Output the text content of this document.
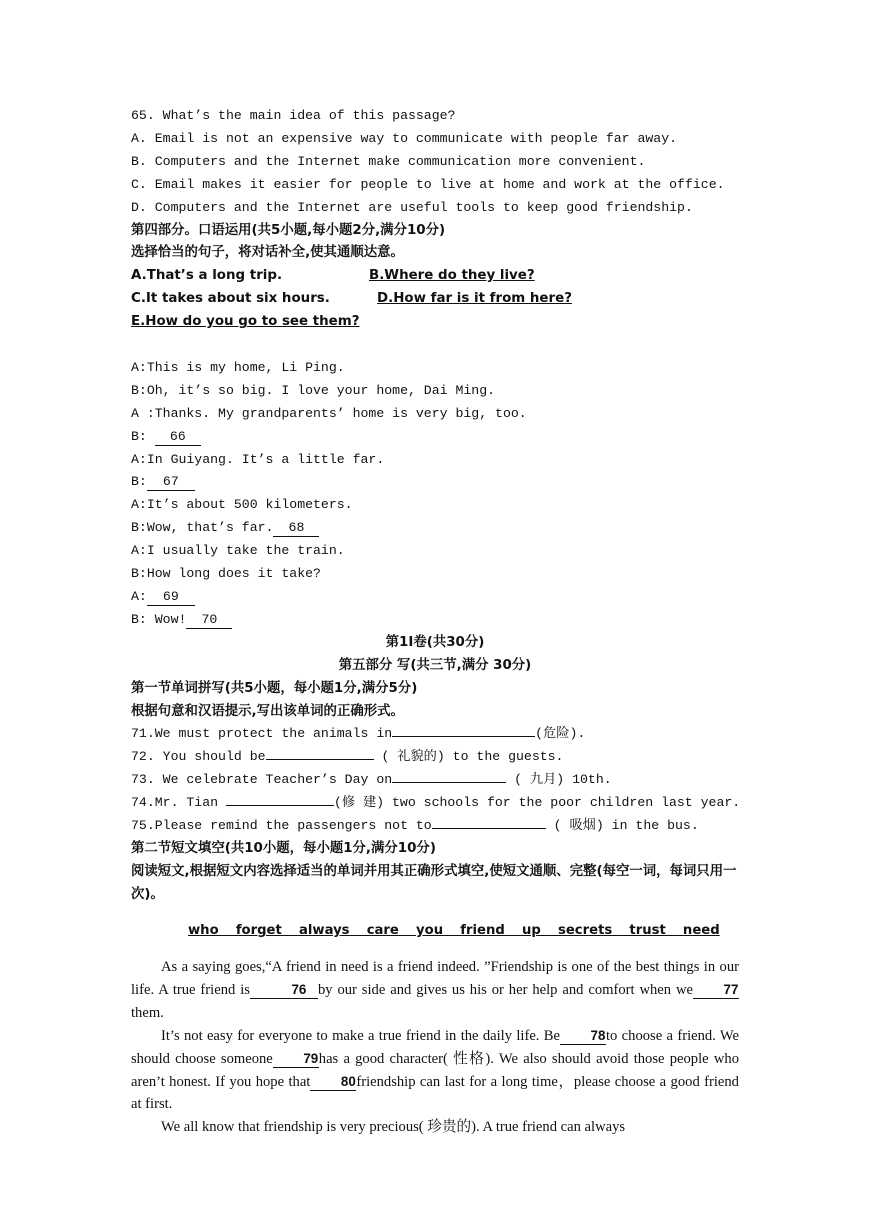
65. What’s the main idea of this passage?

A. Email is not an expensive way to communicate with people far away.

B. Computers and the Internet make communication more convenient.

C. Email makes it easier for people to live at home and work at the office.

D. Computers and the Internet are useful tools to keep good friendship.

第四部分。口语运用(共5小题,每小题2分,满分10分)

选择恰当的句子，将对话补全,使其通顺达意。

A.That’s a long trip.	B.Where do they live?

C.It takes about six hours.	D.How far is it from here?

E.How do you go to see them?

A:This is my home, Li Ping.

B:Oh, it’s so big. I love your home, Dai Ming.

A :Thanks. My grandparents’ home is very big, too.

B: 66

A:In Guiyang. It’s a little far.

B: 67

A:It’s about 500 kilometers.

B:Wow, that’s far. 68

A:I usually take the train.

B:How long does it take?

A: 69

B: Wow! 70

第1I卷(共30分)

第五部分 写(共三节,满分 30分)

第一节单词拼写(共5小题，每小题1分,满分5分)

根据句意和汉语提示,写出该单词的正确形式。

71.We must protect the animals in	(危险).

72. You should be	( 礼貌的) to the guests.

73. We celebrate Teacher’s Day on	( 九月) 10th.

74.Mr. Tian	(修 建) two schools for the poor children last year.

75.Please remind the passengers not to	( 吸烟) in the bus.

第二节短文填空(共10小题，每小题1分,满分10分)

阅读短文,根据短文内容选择适当的单词并用其正确形式填空,使短文通顺、完整(每空一词，每词只用一次)。

who  forget  always  care  you  friend  up  secrets  trust  need

As a saying goes,“A friend in need is a friend indeed. ”Friendship is one of the best things in our life. A true friend is	76 by our side and gives us his or her help and comfort when we 77them.

It’s not easy for everyone to make a true friend in the daily life. Be 78to choose a friend. We should choose someone 79has a good character( 性格). We also should avoid those people who aren’t honest. If you hope that 80friendship can last for a long time，please choose a good friend at first.

We all know that friendship is very precious( 珍贵的). A true friend can always
